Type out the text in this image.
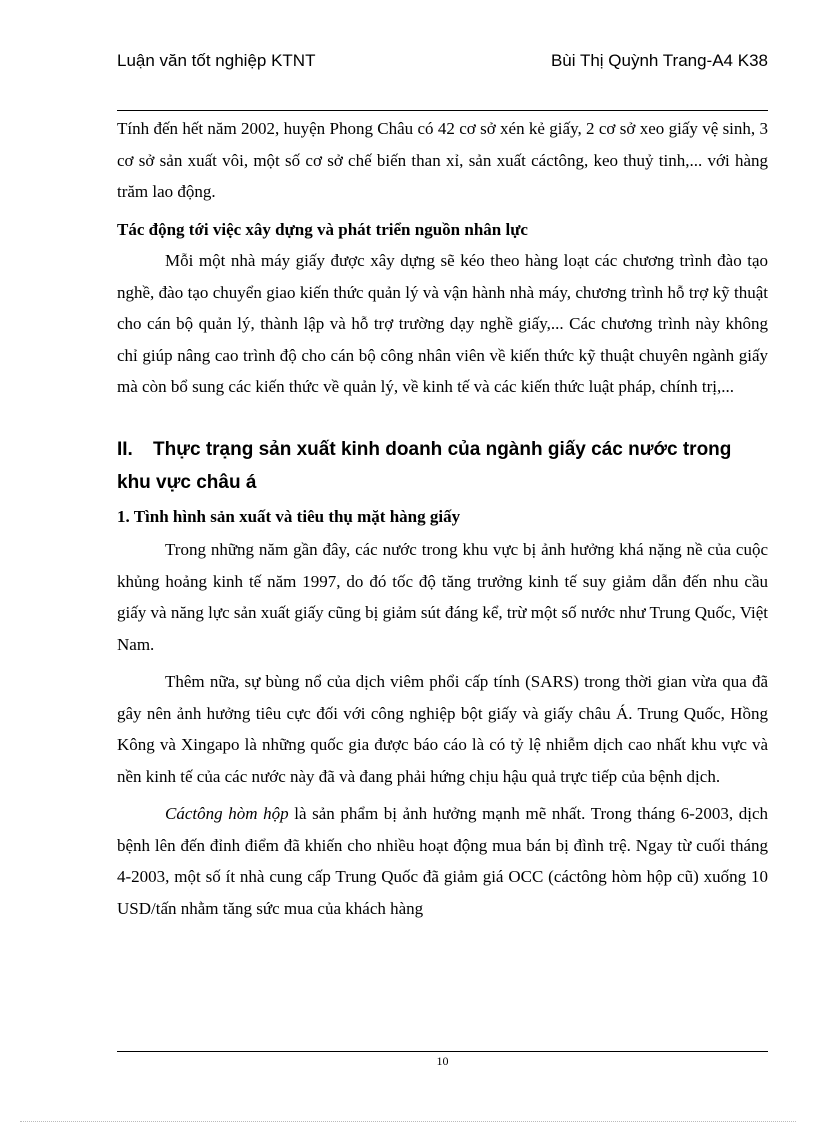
Luận văn tốt nghiệp KTNT	Bùi Thị Quỳnh Trang-A4 K38

Tính đến hết năm 2002, huyện Phong Châu có 42 cơ sở xén kẻ giấy, 2 cơ sở xeo giấy vệ sinh, 3 cơ sở sản xuất vôi, một số cơ sở chế biến than xỉ, sản xuất cáctông, keo thuỷ tinh,... với hàng trăm lao động.

Tác động tới việc xây dựng và phát triển nguồn nhân lực

Mỗi một nhà máy giấy được xây dựng sẽ kéo theo hàng loạt các chương trình đào tạo nghề, đào tạo chuyển giao kiến thức quản lý và vận hành nhà máy, chương trình hỗ trợ kỹ thuật cho cán bộ quản lý, thành lập và hỗ trợ trường dạy nghề giấy,... Các chương trình này không chỉ giúp nâng cao trình độ cho cán bộ công nhân viên về kiến thức kỹ thuật chuyên ngành giấy mà còn bổ sung các kiến thức về quản lý, về kinh tế và các kiến thức luật pháp, chính trị,...

II. Thực trạng sản xuất kinh doanh của ngành giấy các nước trong khu vực châu á

1. Tình hình sản xuất và tiêu thụ mặt hàng giấy

Trong những năm gần đây, các nước trong khu vực bị ảnh hưởng khá nặng nề của cuộc khủng hoảng kinh tế năm 1997, do đó tốc độ tăng trưởng kinh tế suy giảm dẫn đến nhu cầu giấy và năng lực sản xuất giấy cũng bị giảm sút đáng kể, trừ một số nước như Trung Quốc, Việt Nam.

Thêm nữa, sự bùng nổ của dịch viêm phổi cấp tính (SARS) trong thời gian vừa qua đã gây nên ảnh hưởng tiêu cực đối với công nghiệp bột giấy và giấy châu Á. Trung Quốc, Hồng Kông và Xingapo là những quốc gia được báo cáo là có tỷ lệ nhiễm dịch cao nhất khu vực và nền kinh tế của các nước này đã và đang phải hứng chịu hậu quả trực tiếp của bệnh dịch.

Cáctông hòm hộp là sản phẩm bị ảnh hưởng mạnh mẽ nhất. Trong tháng 6-2003, dịch bệnh lên đến đỉnh điểm đã khiến cho nhiều hoạt động mua bán bị đình trệ. Ngay từ cuối tháng 4-2003, một số ít nhà cung cấp Trung Quốc đã giảm giá OCC (cáctông hòm hộp cũ) xuống 10 USD/tấn nhằm tăng sức mua của khách hàng

10
